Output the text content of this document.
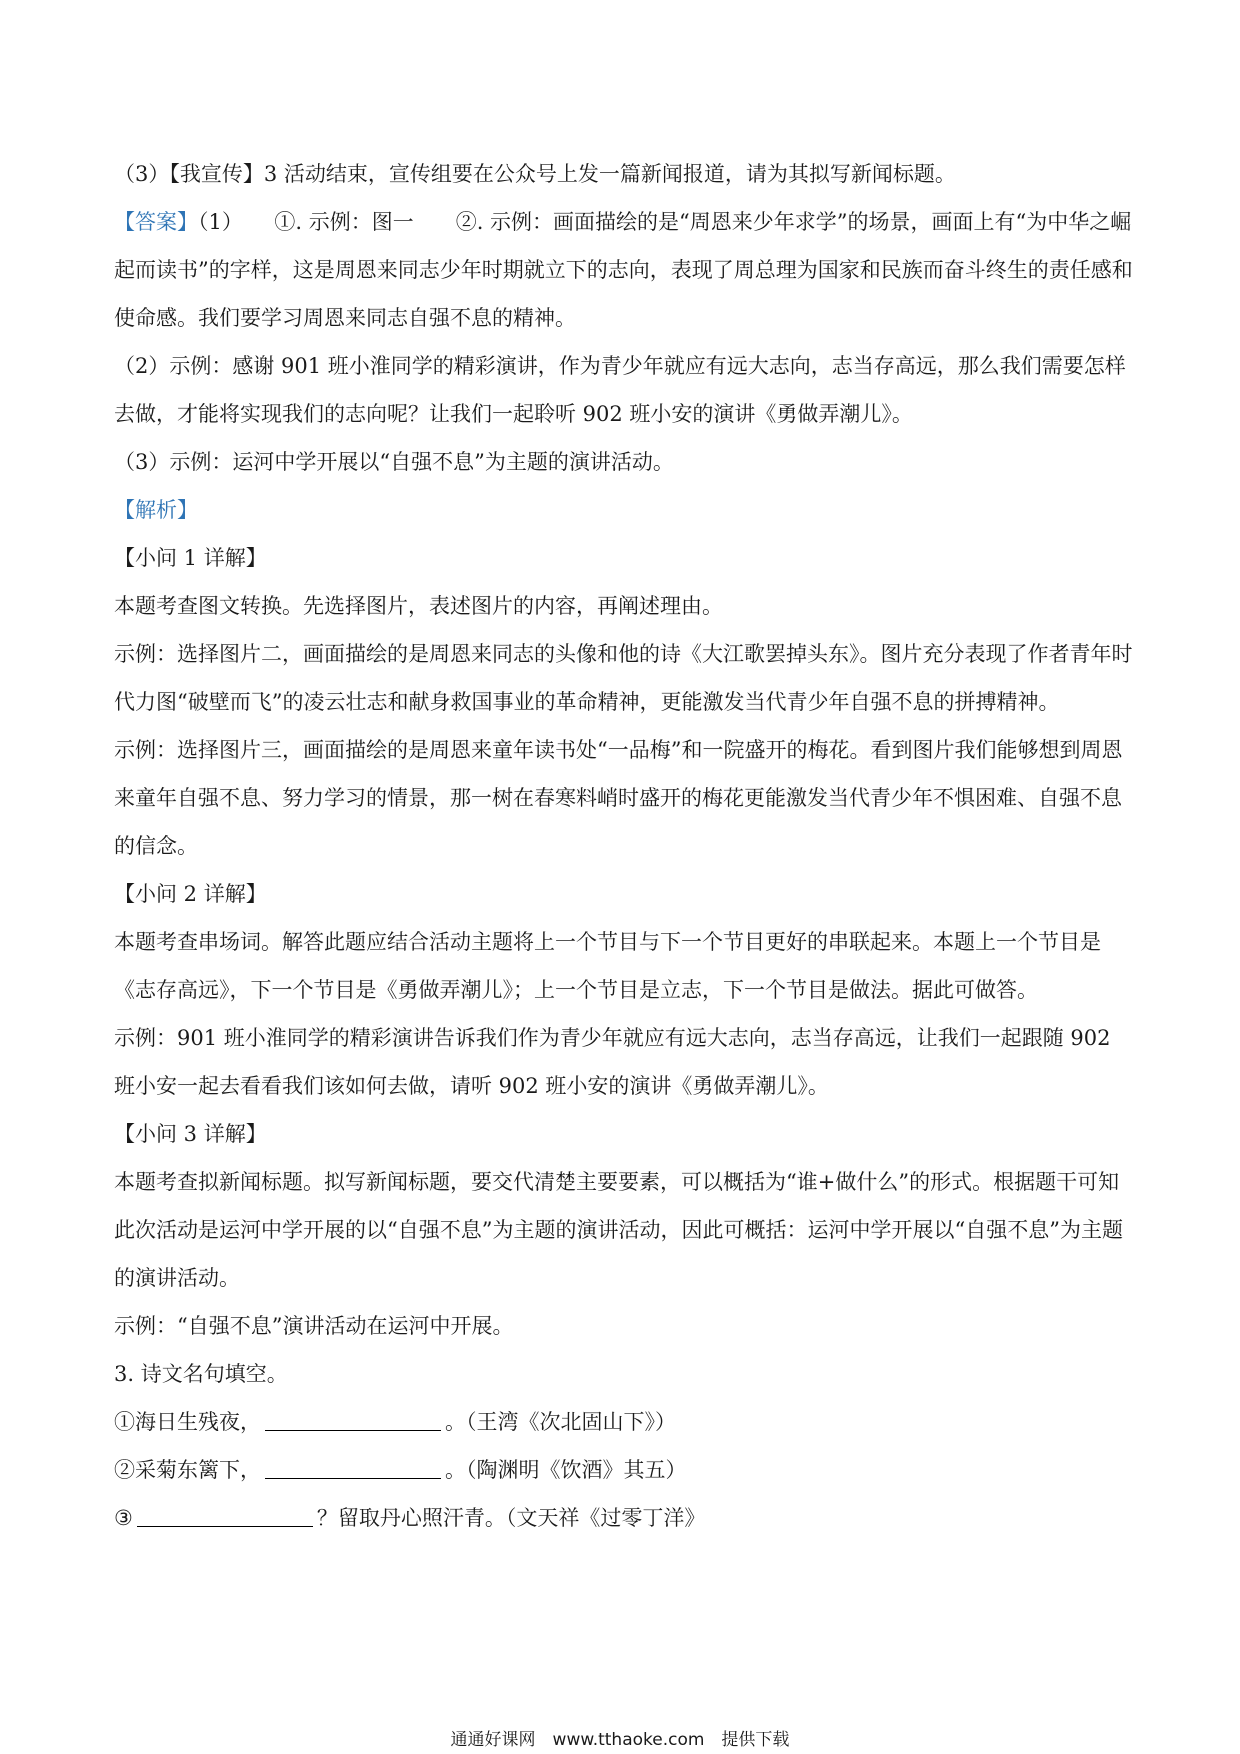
（3）【我宣传】3 活动结束，宣传组要在公众号上发一篇新闻报道，请为其拟写新闻标题。

【答案】（1）　　①. 示例：图一　　②. 示例：画面描绘的是“周恩来少年求学”的场景，画面上有“为中华之崛起而读书”的字样，这是周恩来同志少年时期就立下的志向，表现了周总理为国家和民族而奋斗终生的责任感和使命感。我们要学习周恩来同志自强不息的精神。

（2）示例：感谢 901 班小淮同学的精彩演讲，作为青少年就应有远大志向，志当存高远，那么我们需要怎样去做，才能将实现我们的志向呢？让我们一起聆听 902 班小安的演讲《勇做弄潮儿》。

（3）示例：运河中学开展以“自强不息”为主题的演讲活动。

【解析】

【小问 1 详解】

本题考查图文转换。先选择图片，表述图片的内容，再阐述理由。

示例：选择图片二，画面描绘的是周恩来同志的头像和他的诗《大江歌罢掉头东》。图片充分表现了作者青年时代力图“破壁而飞”的凌云壮志和献身救国事业的革命精神，更能激发当代青少年自强不息的拼搏精神。

示例：选择图片三，画面描绘的是周恩来童年读书处“一品梅”和一院盛开的梅花。看到图片我们能够想到周恩来童年自强不息、努力学习的情景，那一树在春寒料峭时盛开的梅花更能激发当代青少年不惧困难、自强不息的信念。

【小问 2 详解】

本题考查串场词。解答此题应结合活动主题将上一个节目与下一个节目更好的串联起来。本题上一个节目是《志存高远》，下一个节目是《勇做弄潮儿》；上一个节目是立志，下一个节目是做法。据此可做答。

示例：901 班小淮同学的精彩演讲告诉我们作为青少年就应有远大志向，志当存高远，让我们一起跟随 902 班小安一起去看看我们该如何去做，请听 902 班小安的演讲《勇做弄潮儿》。

【小问 3 详解】

本题考查拟新闻标题。拟写新闻标题，要交代清楚主要要素，可以概括为“谁+做什么”的形式。根据题干可知此次活动是运河中学开展的以“自强不息”为主题的演讲活动，因此可概括：运河中学开展以“自强不息”为主题的演讲活动。

示例：“自强不息”演讲活动在运河中开展。

3. 诗文名句填空。

①海日生残夜，	。（王湾《次北固山下》）

②采菊东篱下，	。（陶渊明《饮酒》其五）

③	？留取丹心照汗青。（文天祥《过零丁洋》

通通好课网　www.tthaoke.com　提供下载
